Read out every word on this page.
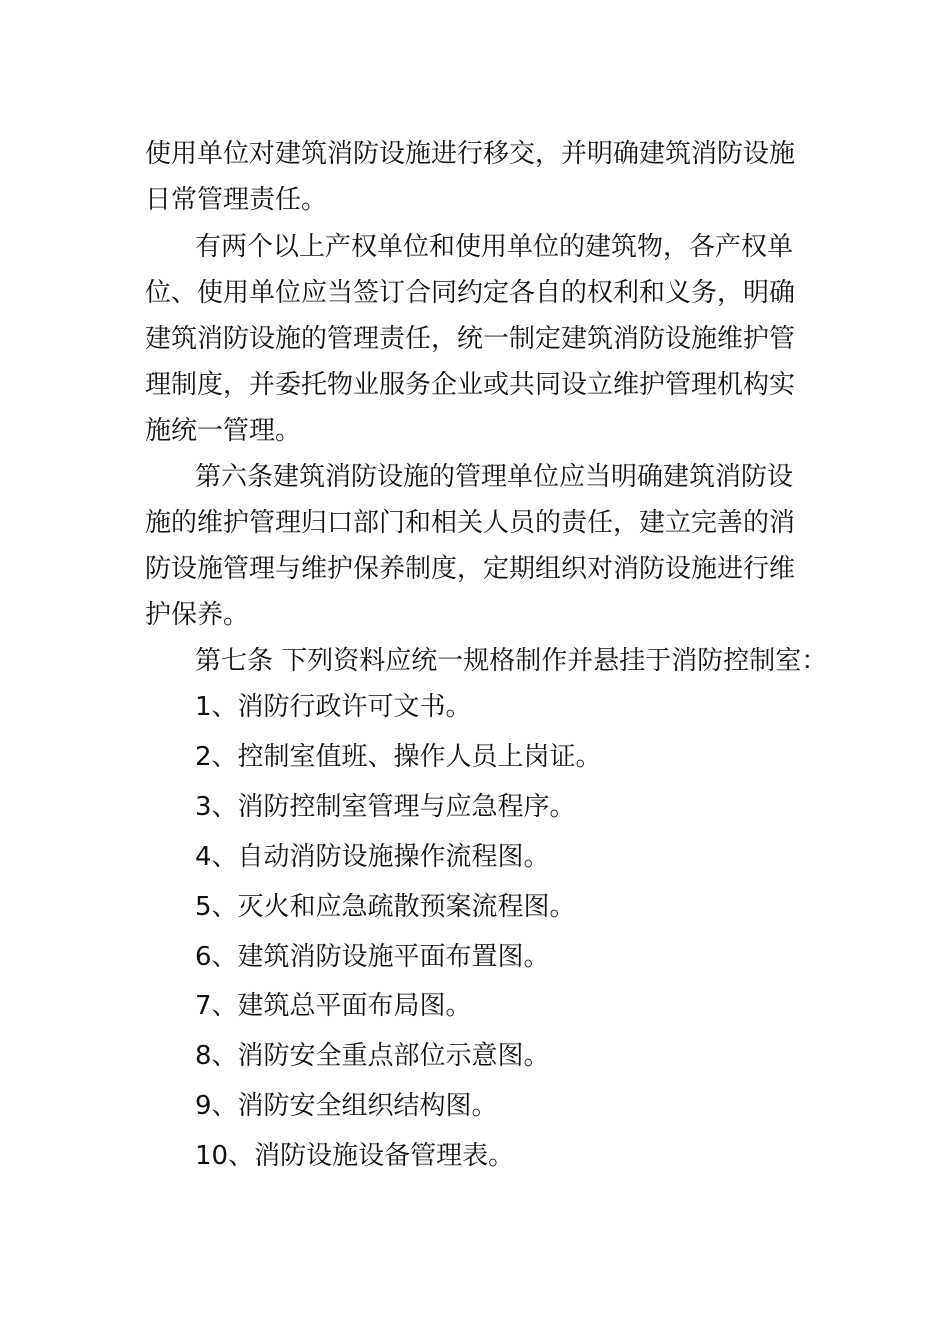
使用单位对建筑消防设施进行移交，并明确建筑消防设施
日常管理责任。
有两个以上产权单位和使用单位的建筑物，各产权单
位、使用单位应当签订合同约定各自的权利和义务，明确
建筑消防设施的管理责任，统一制定建筑消防设施维护管
理制度，并委托物业服务企业或共同设立维护管理机构实
施统一管理。
第六条建筑消防设施的管理单位应当明确建筑消防设
施的维护管理归口部门和相关人员的责任，建立完善的消
防设施管理与维护保养制度，定期组织对消防设施进行维
护保养。
第七条 下列资料应统一规格制作并悬挂于消防控制室：
1、消防行政许可文书。
2、控制室值班、操作人员上岗证。
3、消防控制室管理与应急程序。
4、自动消防设施操作流程图。
5、灭火和应急疏散预案流程图。
6、建筑消防设施平面布置图。
7、建筑总平面布局图。
8、消防安全重点部位示意图。
9、消防安全组织结构图。
10、消防设施设备管理表。
